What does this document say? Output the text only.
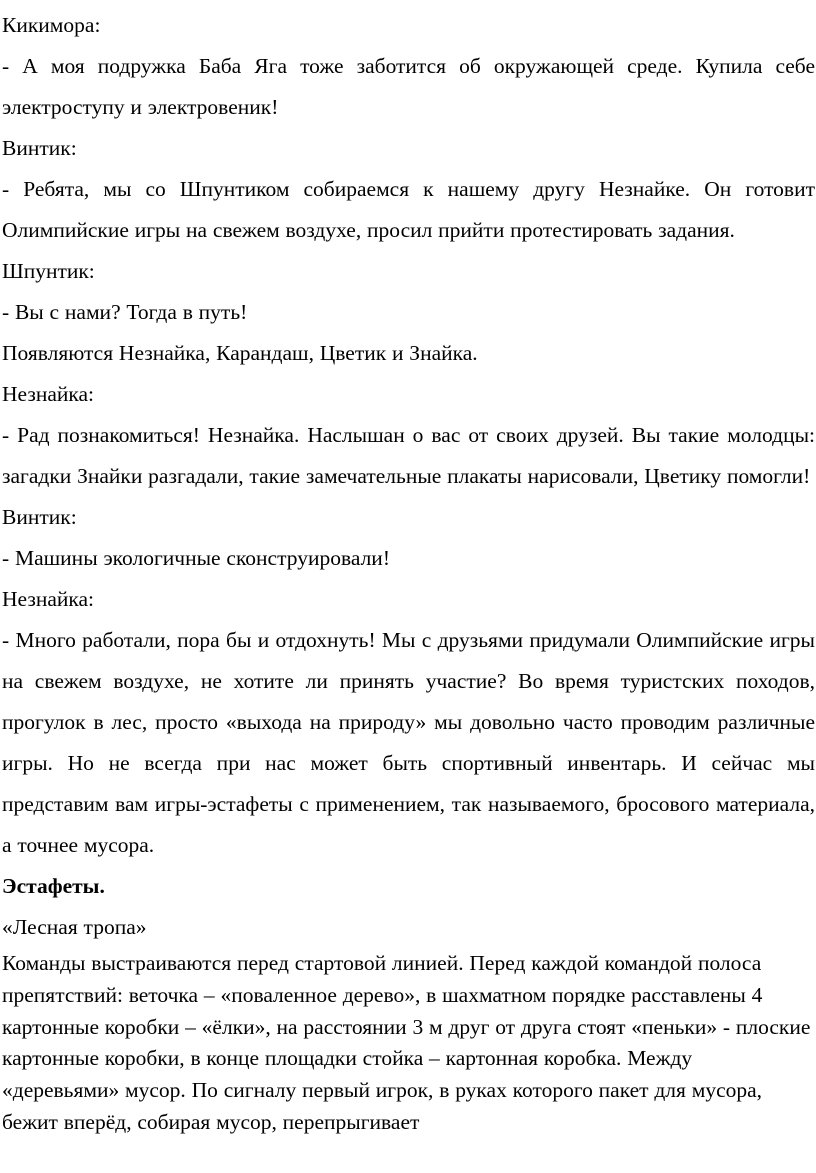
Кикимора:

- А моя подружка Баба Яга тоже заботится об окружающей среде. Купила себе электроступу и электровеник!

Винтик:

- Ребята, мы со Шпунтиком собираемся к нашему другу Незнайке. Он готовит Олимпийские игры на свежем воздухе, просил прийти протестировать задания.

Шпунтик:

- Вы с нами? Тогда в путь!

Появляются Незнайка, Карандаш, Цветик и Знайка.

Незнайка:

- Рад познакомиться! Незнайка. Наслышан о вас от своих друзей. Вы такие молодцы: загадки Знайки разгадали, такие замечательные плакаты нарисовали, Цветику помогли!

Винтик:

- Машины экологичные сконструировали!

Незнайка:

- Много работали, пора бы и отдохнуть! Мы с друзьями придумали Олимпийские игры на свежем воздухе, не хотите ли принять участие? Во время туристских походов, прогулок в лес, просто «выхода на природу» мы довольно часто проводим различные игры. Но не всегда при нас может быть спортивный инвентарь. И сейчас мы представим вам игры-эстафеты с применением, так называемого, бросового материала, а точнее мусора.

Эстафеты.

«Лесная тропа»

Команды выстраиваются перед стартовой линией. Перед каждой командой полоса препятствий: веточка – «поваленное дерево», в шахматном порядке расставлены 4 картонные коробки – «ёлки», на расстоянии 3 м друг от друга стоят «пеньки» - плоские картонные коробки, в конце площадки стойка – картонная коробка. Между «деревьями» мусор. По сигналу первый игрок, в руках которого пакет для мусора, бежит вперёд, собирая мусор, перепрыгивает
